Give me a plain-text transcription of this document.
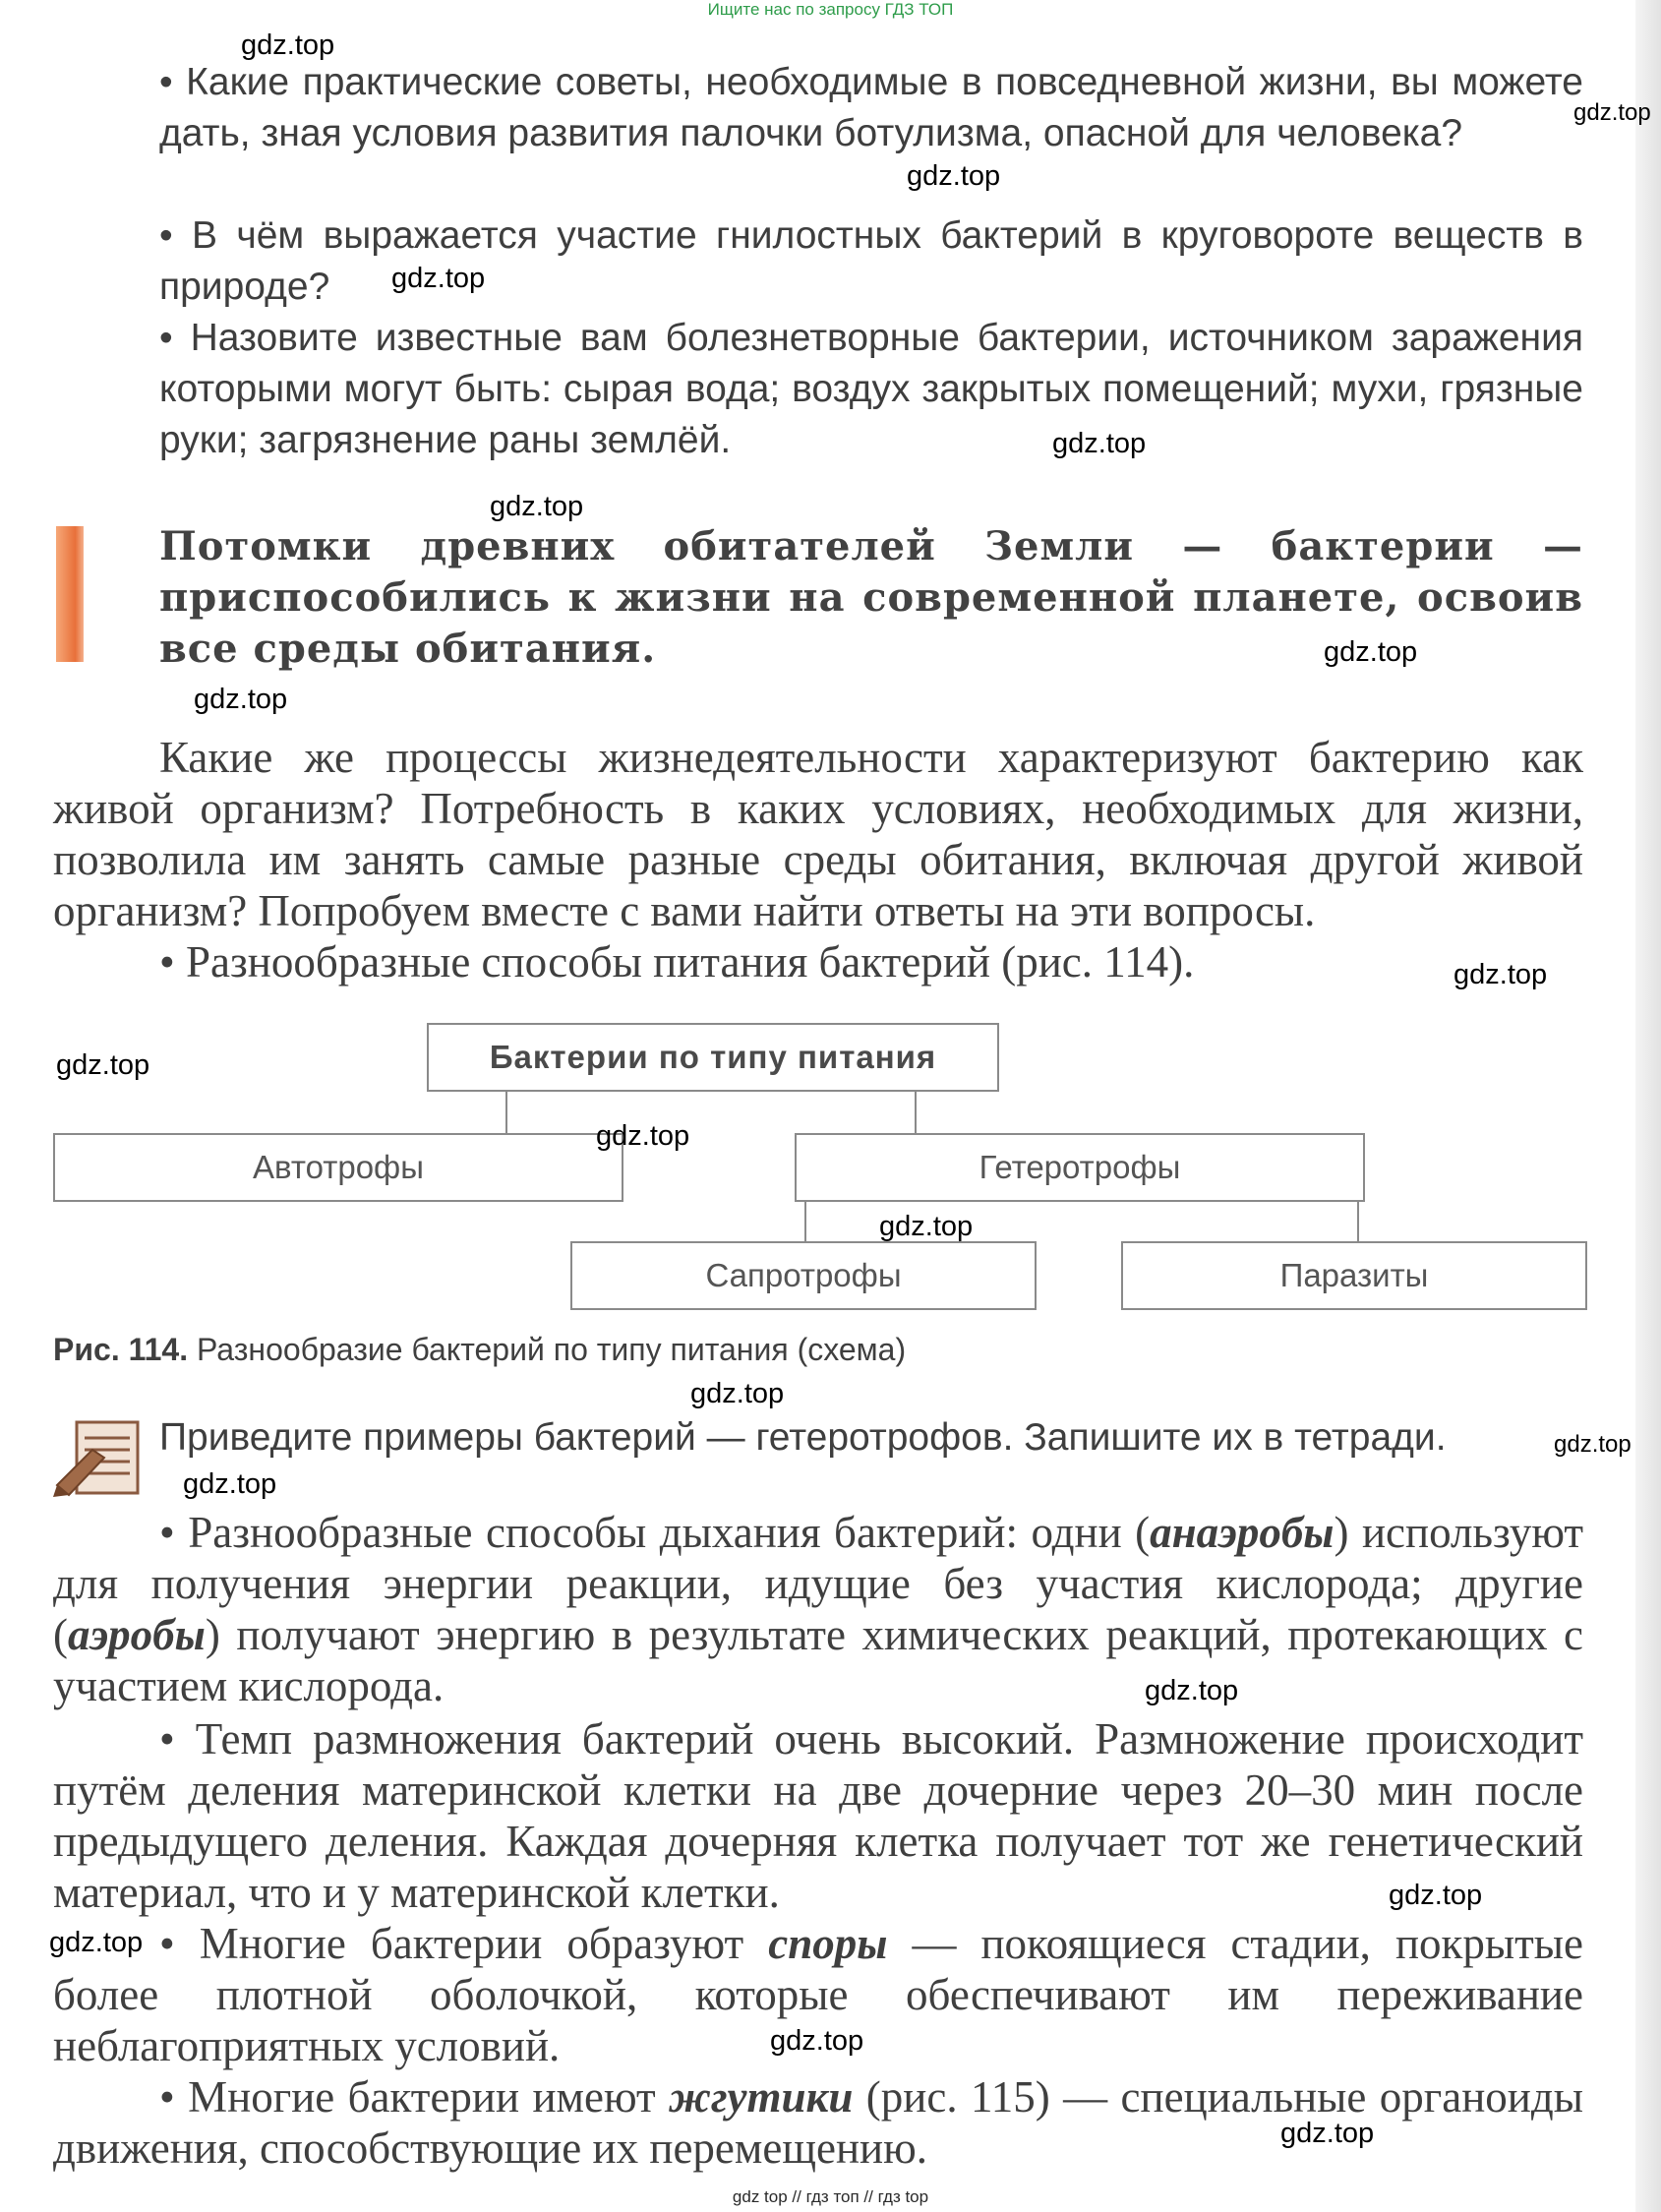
Ищите нас по запросу ГДЗ ТОП
• Какие практические советы, необходимые в повседневной жизни, вы можете дать, зная условия развития палочки ботулизма, опасной для человека?
• В чём выражается участие гнилостных бактерий в круговороте веществ в природе?
• Назовите известные вам болезнетворные бактерии, источником заражения которыми могут быть: сырая вода; воздух закрытых помещений; мухи, грязные руки; загрязнение раны землёй.
Потомки древних обитателей Земли — бактерии — приспособились к жизни на современной планете, освоив все среды обитания.
Какие же процессы жизнедеятельности характеризуют бактерию как живой организм? Потребность в каких условиях, необходимых для жизни, позволила им занять самые разные среды обитания, включая другой живой организм? Попробуем вместе с вами найти ответы на эти вопросы.
• Разнообразные способы питания бактерий (рис. 114).
Бактерии по типу питания
Автотрофы	Гетеротрофы
Сапротрофы	Паразиты
Рис. 114. Разнообразие бактерий по типу питания (схема)
Приведите примеры бактерий — гетеротрофов. Запишите их в тетради.
• Разнообразные способы дыхания бактерий: одни (анаэробы) используют для получения энергии реакции, идущие без участия кислорода; другие (аэробы) получают энергию в результате химических реакций, протекающих с участием кислорода.
• Темп размножения бактерий очень высокий. Размножение происходит путём деления материнской клетки на две дочерние через 20–30 мин после предыдущего деления. Каждая дочерняя клетка получает тот же генетический материал, что и у материнской клетки.
• Многие бактерии образуют споры — покоящиеся стадии, покрытые более плотной оболочкой, которые обеспечивают им переживание неблагоприятных условий.
• Многие бактерии имеют жгутики (рис. 115) — специальные органоиды движения, способствующие их перемещению.
gdz.top
gdz.top
gdz.top
gdz.top
gdz.top
gdz.top
gdz.top
gdz.top
gdz.top
gdz.top
gdz.top
gdz.top
gdz.top
gdz.top
gdz.top
gdz.top
gdz.top
gdz.top
gdz.top
gdz.top
gdz top // гдз топ // гдз top
